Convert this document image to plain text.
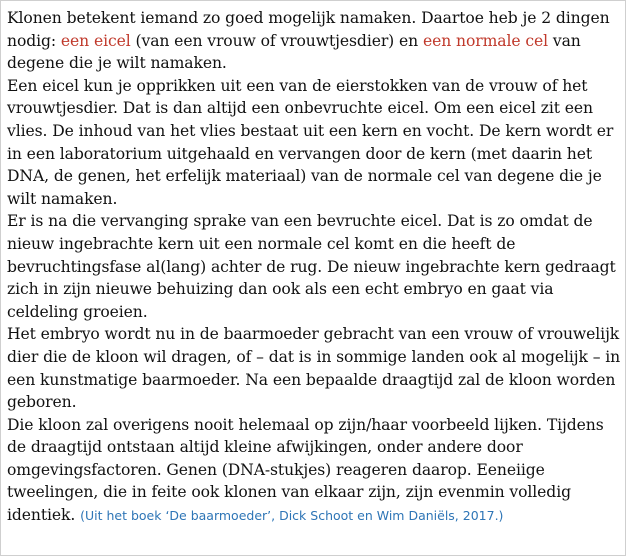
Klonen betekent iemand zo goed mogelijk namaken. Daartoe heb je 2 dingen nodig: een eicel (van een vrouw of vrouwtjesdier) en een normale cel van degene die je wilt namaken.

Een eicel kun je opprikken uit een van de eierstokken van de vrouw of het vrouwtjesdier. Dat is dan altijd een onbevruchte eicel. Om een eicel zit een vlies. De inhoud van het vlies bestaat uit een kern en vocht. De kern wordt er in een laboratorium uitgehaald en vervangen door de kern (met daarin het DNA, de genen, het erfelijk materiaal) van de normale cel van degene die je wilt namaken.

Er is na die vervanging sprake van een bevruchte eicel. Dat is zo omdat de nieuw ingebrachte kern uit een normale cel komt en die heeft de bevruchtingsfase al(lang) achter de rug. De nieuw ingebrachte kern gedraagt zich in zijn nieuwe behuizing dan ook als een echt embryo en gaat via celdeling groeien.

Het embryo wordt nu in de baarmoeder gebracht van een vrouw of vrouwelijk dier die de kloon wil dragen, of – dat is in sommige landen ook al mogelijk – in een kunstmatige baarmoeder. Na een bepaalde draagtijd zal de kloon worden geboren.

Die kloon zal overigens nooit helemaal op zijn/haar voorbeeld lijken. Tijdens de draagtijd ontstaan altijd kleine afwijkingen, onder andere door omgevingsfactoren. Genen (DNA-stukjes) reageren daarop. Eeneiige tweelingen, die in feite ook klonen van elkaar zijn, zijn evenmin volledig identiek. (Uit het boek ‘De baarmoeder’, Dick Schoot en Wim Daniëls, 2017.)
